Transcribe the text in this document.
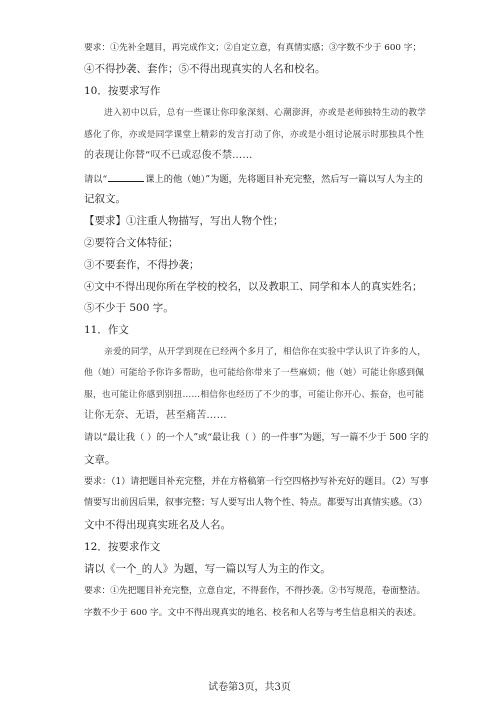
要求：①先补全题目，再完成作文；②自定立意，有真情实感；③字数不少于 600 字；
④不得抄袭、套作；⑤不得出现真实的人名和校名。
10．按要求写作
进入初中以后，总有一些课让你印象深刻、心潮澎湃，亦或是老师独特生动的教学
感化了你，亦或是同学课堂上精彩的发言打动了你，亦或是小组讨论展示时那独具个性
的表现让你替“叹不已或忍俊不禁……
请以“	课上的他（她）”为题，先将题目补充完整，然后写一篇以写人为主的
记叙文。
【要求】①注重人物描写，写出人物个性；
②要符合文体特征；
③不要套作，不得抄袭；
④文中不得出现你所在学校的校名，以及教职工、同学和本人的真实姓名；
⑤不少于 500 字。
11．作文
亲爱的同学，从开学到现在已经两个多月了，相信你在实验中学认识了许多的人，
他（她）可能给予你许多帮助，也可能给你带来了一些麻烦；他（她）可能让你感到佩
服，也可能让你感到别扭……相信你也经历了不少的事，可能让你开心、振奋，也可能
让你无奈、无语，甚至痛苦……
请以“最让我（ ）的一个人”或“最让我（ ）的一件事”为题，写一篇不少于 500 字的
文章。
要求：（1）请把题目补充完整，并在方格稿第一行空四格抄写补充好的题目。（2）写事
情要写出前因后果，叙事完整；写人要写出人物个性、特点。都要写出真情实感。（3）
文中不得出现真实班名及人名。
12．按要求作文
请以《一个_的人》为题，写一篇以写人为主的作文。
要求：①先把题目补充完整，立意自定，不得套作，不得抄袭。②书写规范，卷面整洁。
字数不少于 600 字。文中不得出现真实的地名、校名和人名等与考生信息相关的表述。
试卷第3页，共3页
